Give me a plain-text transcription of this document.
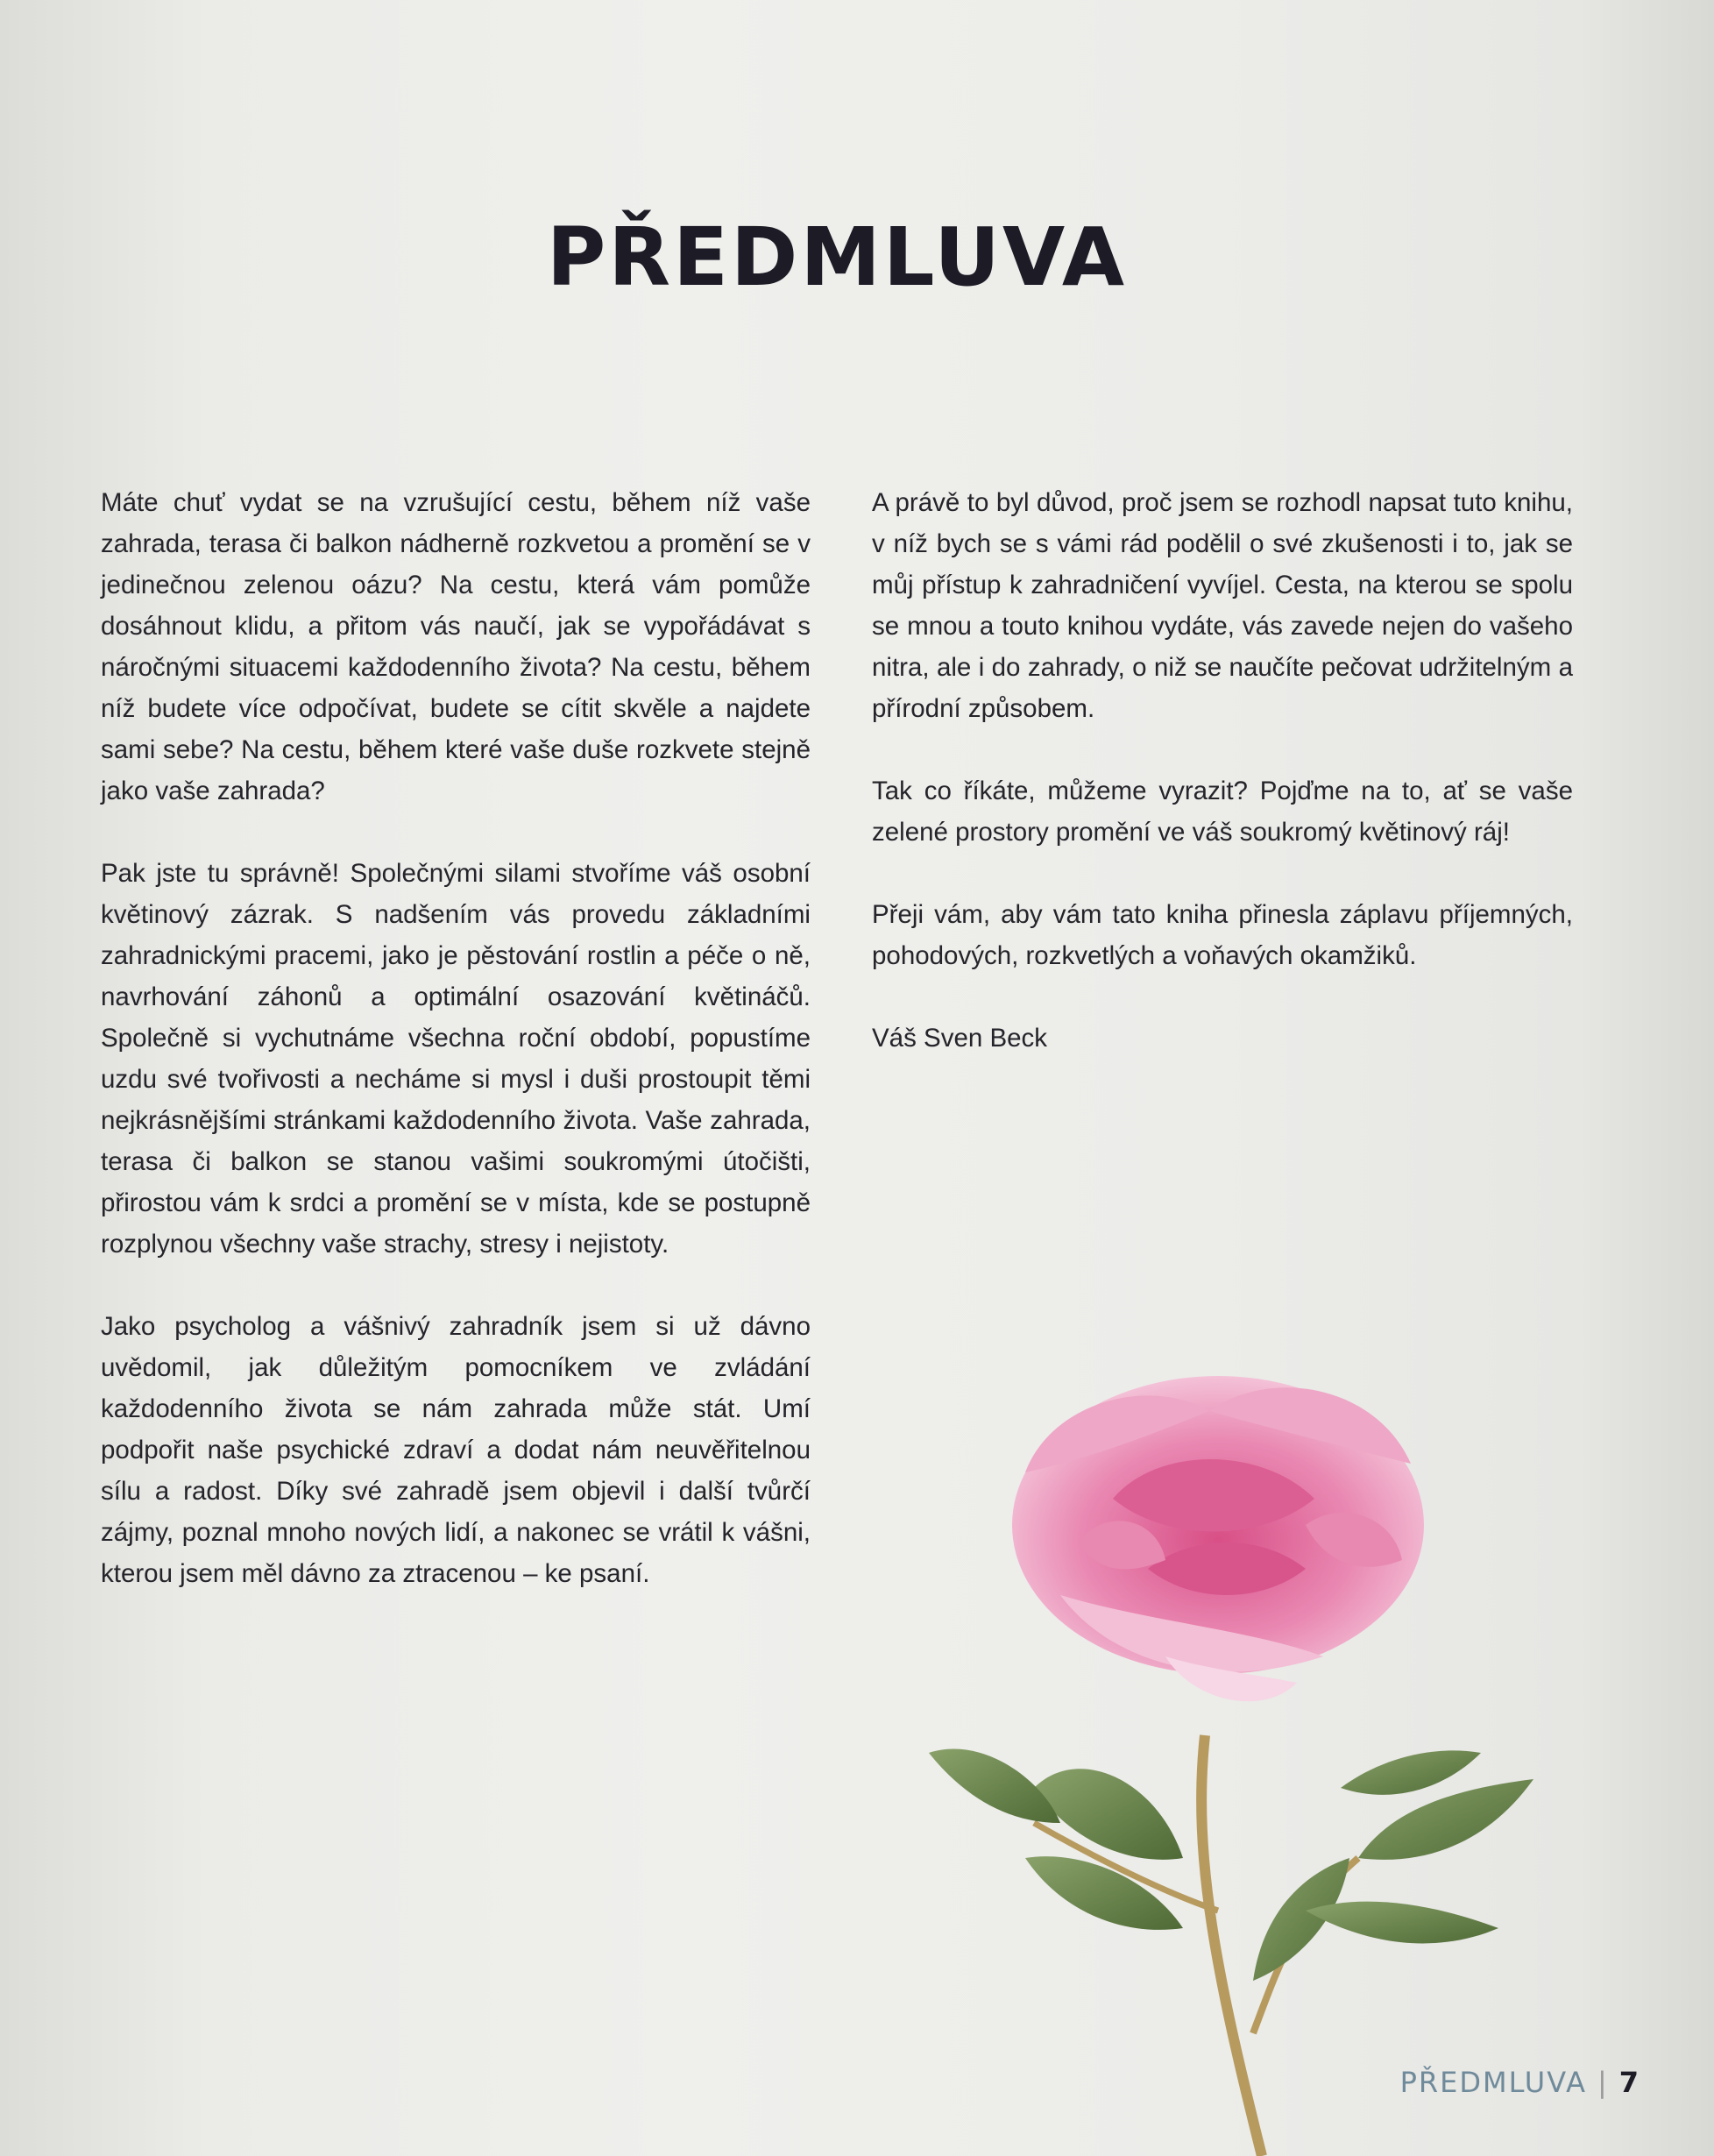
PŘEDMLUVA

Máte chuť vydat se na vzrušující cestu, během níž vaše zahrada, terasa či balkon nádherně rozkvetou a promění se v jedinečnou zelenou oázu? Na cestu, která vám pomůže dosáhnout klidu, a přitom vás naučí, jak se vypořádávat s náročnými situacemi každodenního života? Na cestu, během níž budete více odpočívat, budete se cítit skvěle a najdete sami sebe? Na cestu, během které vaše duše rozkvete stejně jako vaše zahrada?

Pak jste tu správně! Společnými silami stvoříme váš osobní květinový zázrak. S nadšením vás provedu základními zahradnickými pracemi, jako je pěstování rostlin a péče o ně, navrhování záhonů a optimální osazování květináčů. Společně si vychutnáme všechna roční období, popustíme uzdu své tvořivosti a necháme si mysl i duši prostoupit těmi nejkrásnějšími stránkami každodenního života. Vaše zahrada, terasa či balkon se stanou vašimi soukromými útočišti, přirostou vám k srdci a promění se v místa, kde se postupně rozplynou všechny vaše strachy, stresy i nejistoty.

Jako psycholog a vášnivý zahradník jsem si už dávno uvědomil, jak důležitým pomocníkem ve zvládání každodenního života se nám zahrada může stát. Umí podpořit naše psychické zdraví a dodat nám neuvěřitelnou sílu a radost. Díky své zahradě jsem objevil i další tvůrčí zájmy, poznal mnoho nových lidí, a nakonec se vrátil k vášni, kterou jsem měl dávno za ztracenou – ke psaní.

A právě to byl důvod, proč jsem se rozhodl napsat tuto knihu, v níž bych se s vámi rád podělil o své zkušenosti i to, jak se můj přístup k zahradničení vyvíjel. Cesta, na kterou se spolu se mnou a touto knihou vydáte, vás zavede nejen do vašeho nitra, ale i do zahrady, o niž se naučíte pečovat udržitelným a přírodní způsobem.

Tak co říkáte, můžeme vyrazit? Pojďme na to, ať se vaše zelené prostory promění ve váš soukromý květinový ráj!

Přeji vám, aby vám tato kniha přinesla záplavu příjemných, pohodových, rozkvetlých a voňavých okamžiků.

Váš Sven Beck

PŘEDMLUVA | 7
